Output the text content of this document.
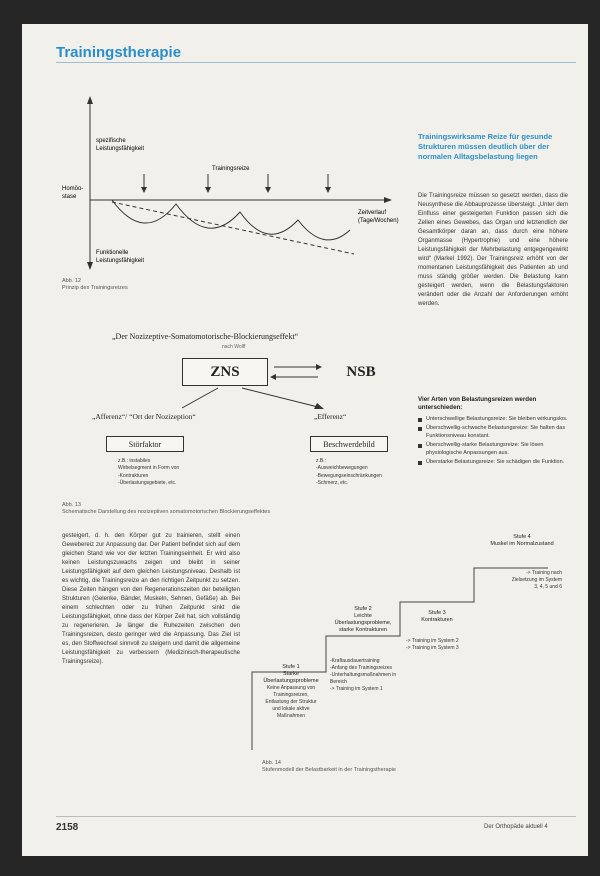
Trainingstherapie
spezifische
Leistungsfähigkeit
Trainingsreize
Homöo-
stase
Zeitverlauf
(Tage/Wochen)
Funktionelle
Leistungsfähigkeit
Abb. 12
Prinzip des Trainingsreizes
„Der Nozizeptive-Somatomotorische-Blockierungseffekt“
nach Wolff
ZNS	NSB
„Afferenz“/ “Ort der Nozizeption“	„Efferenz“
Störfaktor	Beschwerdebild
z.B.: instabiles
Wirbelsegment in Form von
-Kontrakturen
-Überlastungsgebiete, etc.
z.B.:
-Ausweichbewegungen
-Bewegungseinschränkungen
-Schmerz, etc.
Abb. 13
Schematische Darstellung des nozizeptiven somatomotorischen Blockierungseffektes
Trainingswirksame Reize für gesunde Strukturen müssen deutlich über der normalen Alltagsbelastung liegen
Die Trainingsreize müssen so gesetzt werden, dass die Neusynthese die Abbauprozesse übersteigt. „Unter dem Einfluss einer gesteigerten Funktion passen sich die Zellen eines Gewebes, das Organ und letztendlich der Gesamtkörper daran an, dass durch eine höhere Organmasse (Hypertrophie) und eine höhere Leistungsfähigkeit der Mehrbelastung entgegengewirkt wird“ (Markel 1992). Der Trainingsreiz erhöht von der momentanen Leistungsfähigkeit des Patienten ab und muss ständig größer werden. Die Belastung kann gesteigert werden, wenn die Belastungsfaktoren verändert oder die Anzahl der Anforderungen erhöht werden.
Vier Arten von Belastungsreizen werden unterschieden:
Unterschwellige Belastungsreize: Sie bleiben wirkungslos.
Überschwellig-schwache Belastungsreize: Sie halten das Funktionsniveau konstant.
Überschwellig-starke Belastungsreize: Sie lösen physiologische Anpassungen aus.
Überstarke Belastungsreize: Sie schädigen die Funktion.
gesteigert, d. h. den Körper gut zu trainieren, stellt einen Gewebereiz zur Anpassung dar. Der Patient befindet sich auf dem gleichen Stand wie vor der letzten Trainingseinheit. Er wird also keinen Leistungszuwachs zeigen und bleibt in seiner Leistungsfähigkeit auf dem gleichen Leistungsniveau. Deshalb ist es wichtig, die Trainingsreize an den richtigen Zeitpunkt zu setzen. Diese Zeiten hängen von den Regenerationszeiten der beteiligten Strukturen (Gelenke, Bänder, Muskeln, Sehnen, Gefäße) ab. Bei einem schlechten oder zu frühen Zeitpunkt sinkt die Leistungsfähigkeit, ohne dass der Körper Zeit hat, sich vollständig zu regenerieren. Je länger die Ruhezeiten zwischen den Trainingsreizen, desto geringer wird die Anpassung. Das Ziel ist es, den Stoffwechsel sinnvoll zu steigern und damit die allgemeine Leistungsfähigkeit zu verbessern (Medizinisch-therapeutische Trainingsreize).
Stufe 1
Starke Überlastungsprobleme
Keine Anpassung von
Trainingsreizen,
Entlastung der Struktur
und lokale aktive
Maßnahmen
Stufe 2
Leichte Überlastungsprobleme, starke Kontrakturen
-Kraftausdauertraining
-Anfang des Trainingsreizes
-Unterhaltungsmaßnahmen in
Bereich
-> Training im System 1
Stufe 3
Kontrakturen
-> Training im System 2
-> Training im System 3
Stufe 4
Muskel im Normalzustand
-> Training nach
Zielsetzung im System
3, 4, 5 und 6
Abb. 14
Stufenmodell der Belastbarkeit in der Trainingstherapie
2158	Der Orthopäde aktuell 4
